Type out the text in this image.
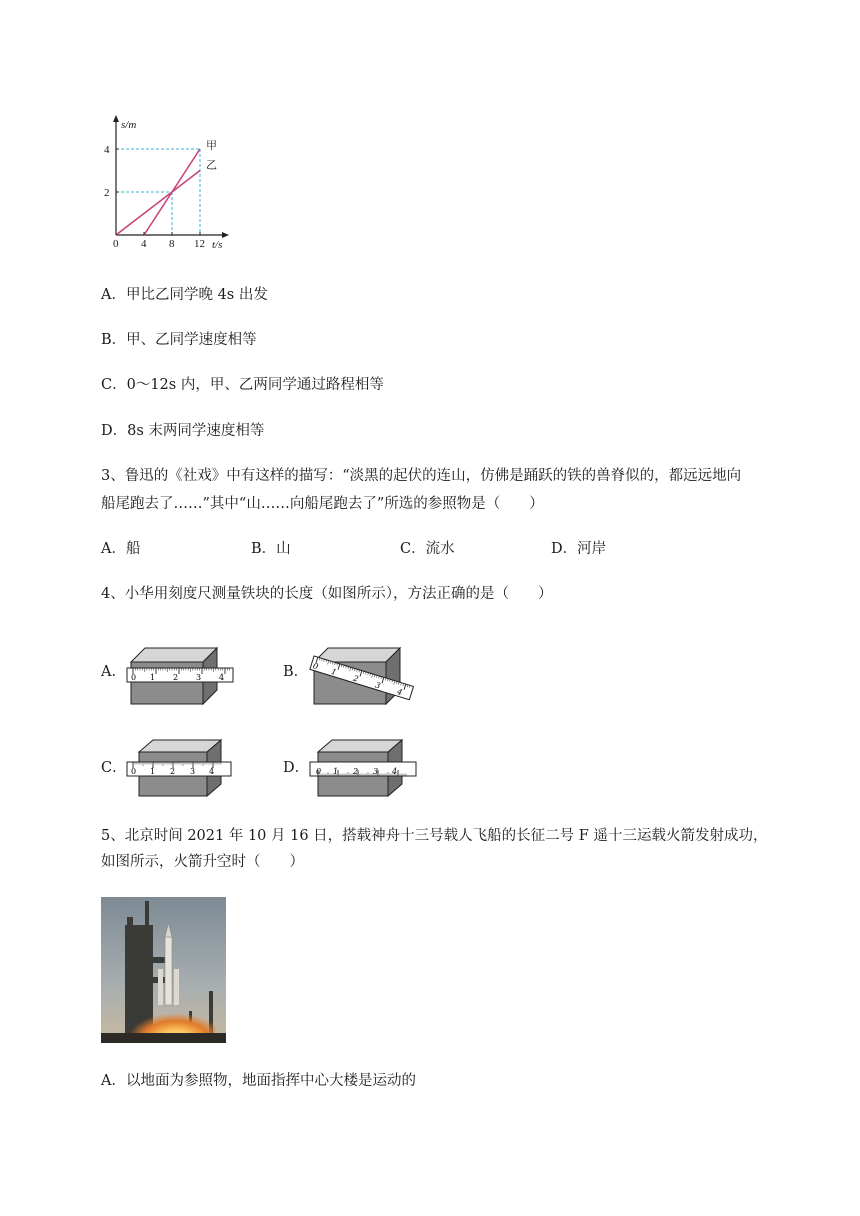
甲
乙
0 4 8 12
2
4
s/m
t/s
A．甲比乙同学晚 4s 出发
B．甲、乙同学速度相等
C．0～12s 内，甲、乙两同学通过路程相等
D．8s 末两同学速度相等
3、鲁迅的《社戏》中有这样的描写：“淡黑的起伏的连山，仿佛是踊跃的铁的兽脊似的，都远远地向
船尾跑去了……”其中“山……向船尾跑去了”所选的参照物是（　　）
A．船	B．山	C．流水	D．河岸
4、小华用刻度尺测量铁块的长度（如图所示），方法正确的是（　　）
A．	B．
C．	D．
0 1 2 3 4
0
1
2
3
4
0 1 2 3 4	0 1 2 3 4
5、北京时间 2021 年 10 月 16 日，搭载神舟十三号载人飞船的长征二号 F 遥十三运载火箭发射成功，
如图所示，火箭升空时（　　）
A．以地面为参照物，地面指挥中心大楼是运动的
